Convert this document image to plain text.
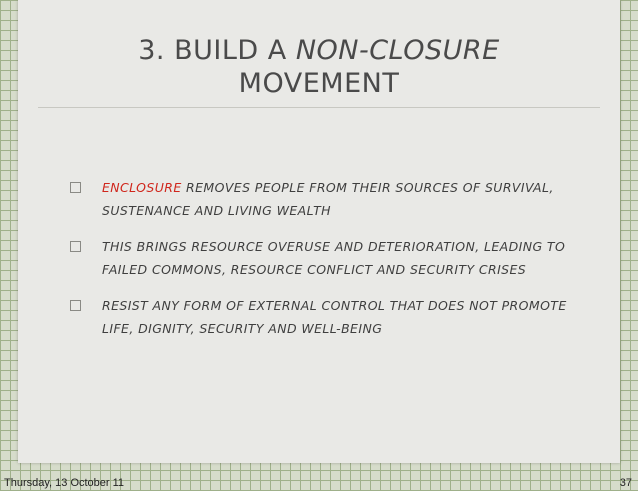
3. BUILD A NON-CLOSURE
MOVEMENT
ENCLOSURE REMOVES PEOPLE FROM THEIR SOURCES OF SURVIVAL, SUSTENANCE AND LIVING WEALTH
THIS BRINGS RESOURCE OVERUSE AND DETERIORATION, LEADING TO FAILED COMMONS, RESOURCE CONFLICT AND SECURITY CRISES
RESIST ANY FORM OF EXTERNAL CONTROL THAT DOES NOT PROMOTE LIFE, DIGNITY, SECURITY AND WELL-BEING
Thursday, 13 October 11	37
